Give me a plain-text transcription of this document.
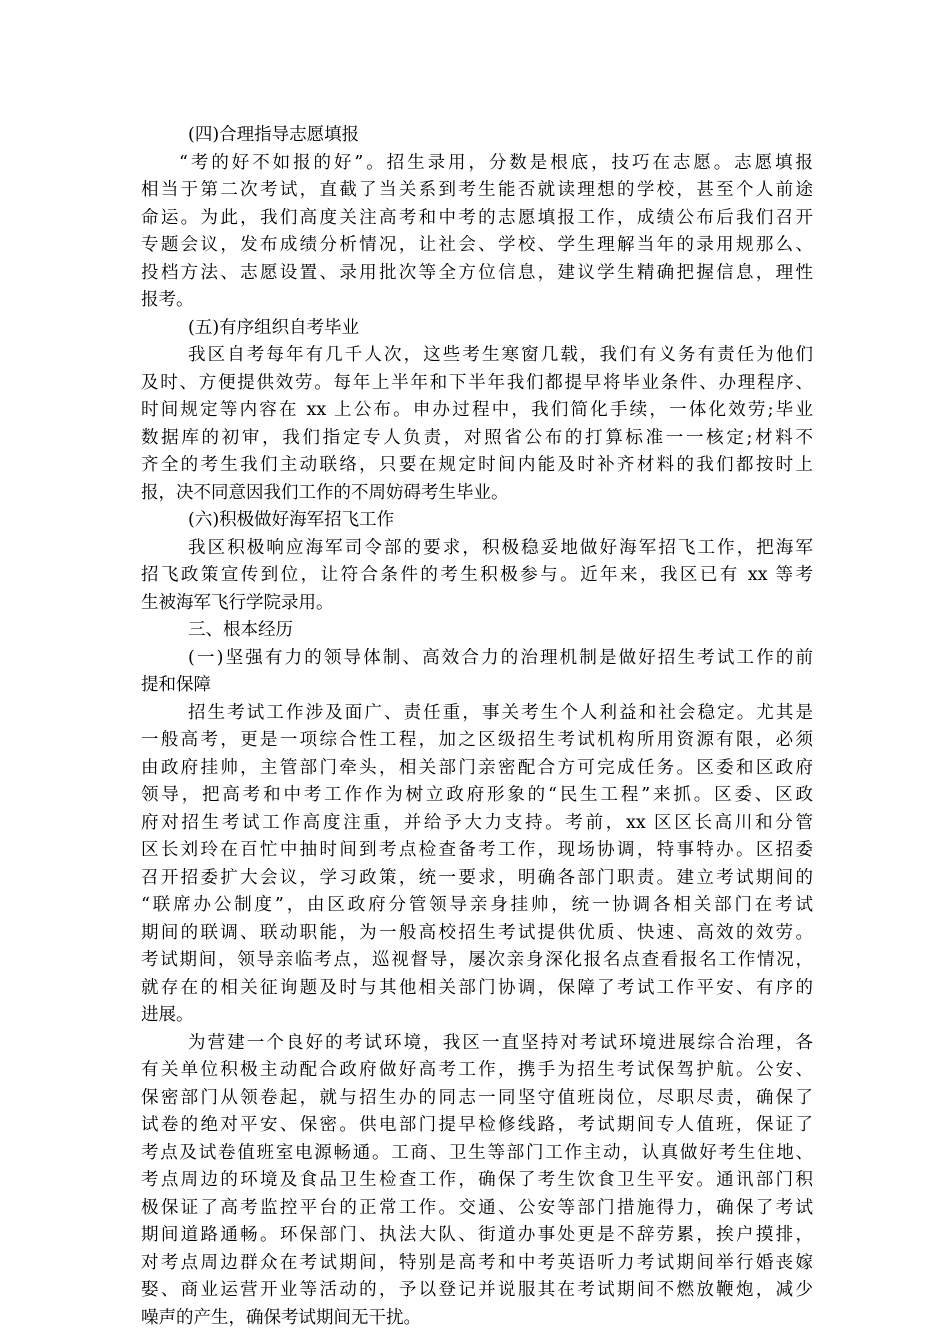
(四)合理指导志愿填报
“考的好不如报的好”。招生录用，分数是根底，技巧在志愿。志愿填报
相当于第二次考试，直截了当关系到考生能否就读理想的学校，甚至个人前途
命运。为此，我们高度关注高考和中考的志愿填报工作，成绩公布后我们召开
专题会议，发布成绩分析情况，让社会、学校、学生理解当年的录用规那么、
投档方法、志愿设置、录用批次等全方位信息，建议学生精确把握信息，理性
报考。
(五)有序组织自考毕业
我区自考每年有几千人次，这些考生寒窗几载，我们有义务有责任为他们
及时、方便提供效劳。每年上半年和下半年我们都提早将毕业条件、办理程序、
时间规定等内容在 xx 上公布。申办过程中，我们简化手续，一体化效劳;毕业
数据库的初审，我们指定专人负责，对照省公布的打算标准一一核定;材料不
齐全的考生我们主动联络，只要在规定时间内能及时补齐材料的我们都按时上
报，决不同意因我们工作的不周妨碍考生毕业。
(六)积极做好海军招飞工作
我区积极响应海军司令部的要求，积极稳妥地做好海军招飞工作，把海军
招飞政策宣传到位，让符合条件的考生积极参与。近年来，我区已有 xx 等考
生被海军飞行学院录用。
三、根本经历
(一)坚强有力的领导体制、高效合力的治理机制是做好招生考试工作的前
提和保障
招生考试工作涉及面广、责任重，事关考生个人利益和社会稳定。尤其是
一般高考，更是一项综合性工程，加之区级招生考试机构所用资源有限，必须
由政府挂帅，主管部门牵头，相关部门亲密配合方可完成任务。区委和区政府
领导，把高考和中考工作作为树立政府形象的“民生工程”来抓。区委、区政
府对招生考试工作高度注重，并给予大力支持。考前，xx 区区长高川和分管
区长刘玲在百忙中抽时间到考点检查备考工作，现场协调，特事特办。区招委
召开招委扩大会议，学习政策，统一要求，明确各部门职责。建立考试期间的
“联席办公制度”，由区政府分管领导亲身挂帅，统一协调各相关部门在考试
期间的联调、联动职能，为一般高校招生考试提供优质、快速、高效的效劳。
考试期间，领导亲临考点，巡视督导，屡次亲身深化报名点查看报名工作情况，
就存在的相关征询题及时与其他相关部门协调，保障了考试工作平安、有序的
进展。
为营建一个良好的考试环境，我区一直坚持对考试环境进展综合治理，各
有关单位积极主动配合政府做好高考工作，携手为招生考试保驾护航。公安、
保密部门从领卷起，就与招生办的同志一同坚守值班岗位，尽职尽责，确保了
试卷的绝对平安、保密。供电部门提早检修线路，考试期间专人值班，保证了
考点及试卷值班室电源畅通。工商、卫生等部门工作主动，认真做好考生住地、
考点周边的环境及食品卫生检查工作，确保了考生饮食卫生平安。通讯部门积
极保证了高考监控平台的正常工作。交通、公安等部门措施得力，确保了考试
期间道路通畅。环保部门、执法大队、街道办事处更是不辞劳累，挨户摸排，
对考点周边群众在考试期间，特别是高考和中考英语听力考试期间举行婚丧嫁
娶、商业运营开业等活动的，予以登记并说服其在考试期间不燃放鞭炮，减少
噪声的产生，确保考试期间无干扰。
